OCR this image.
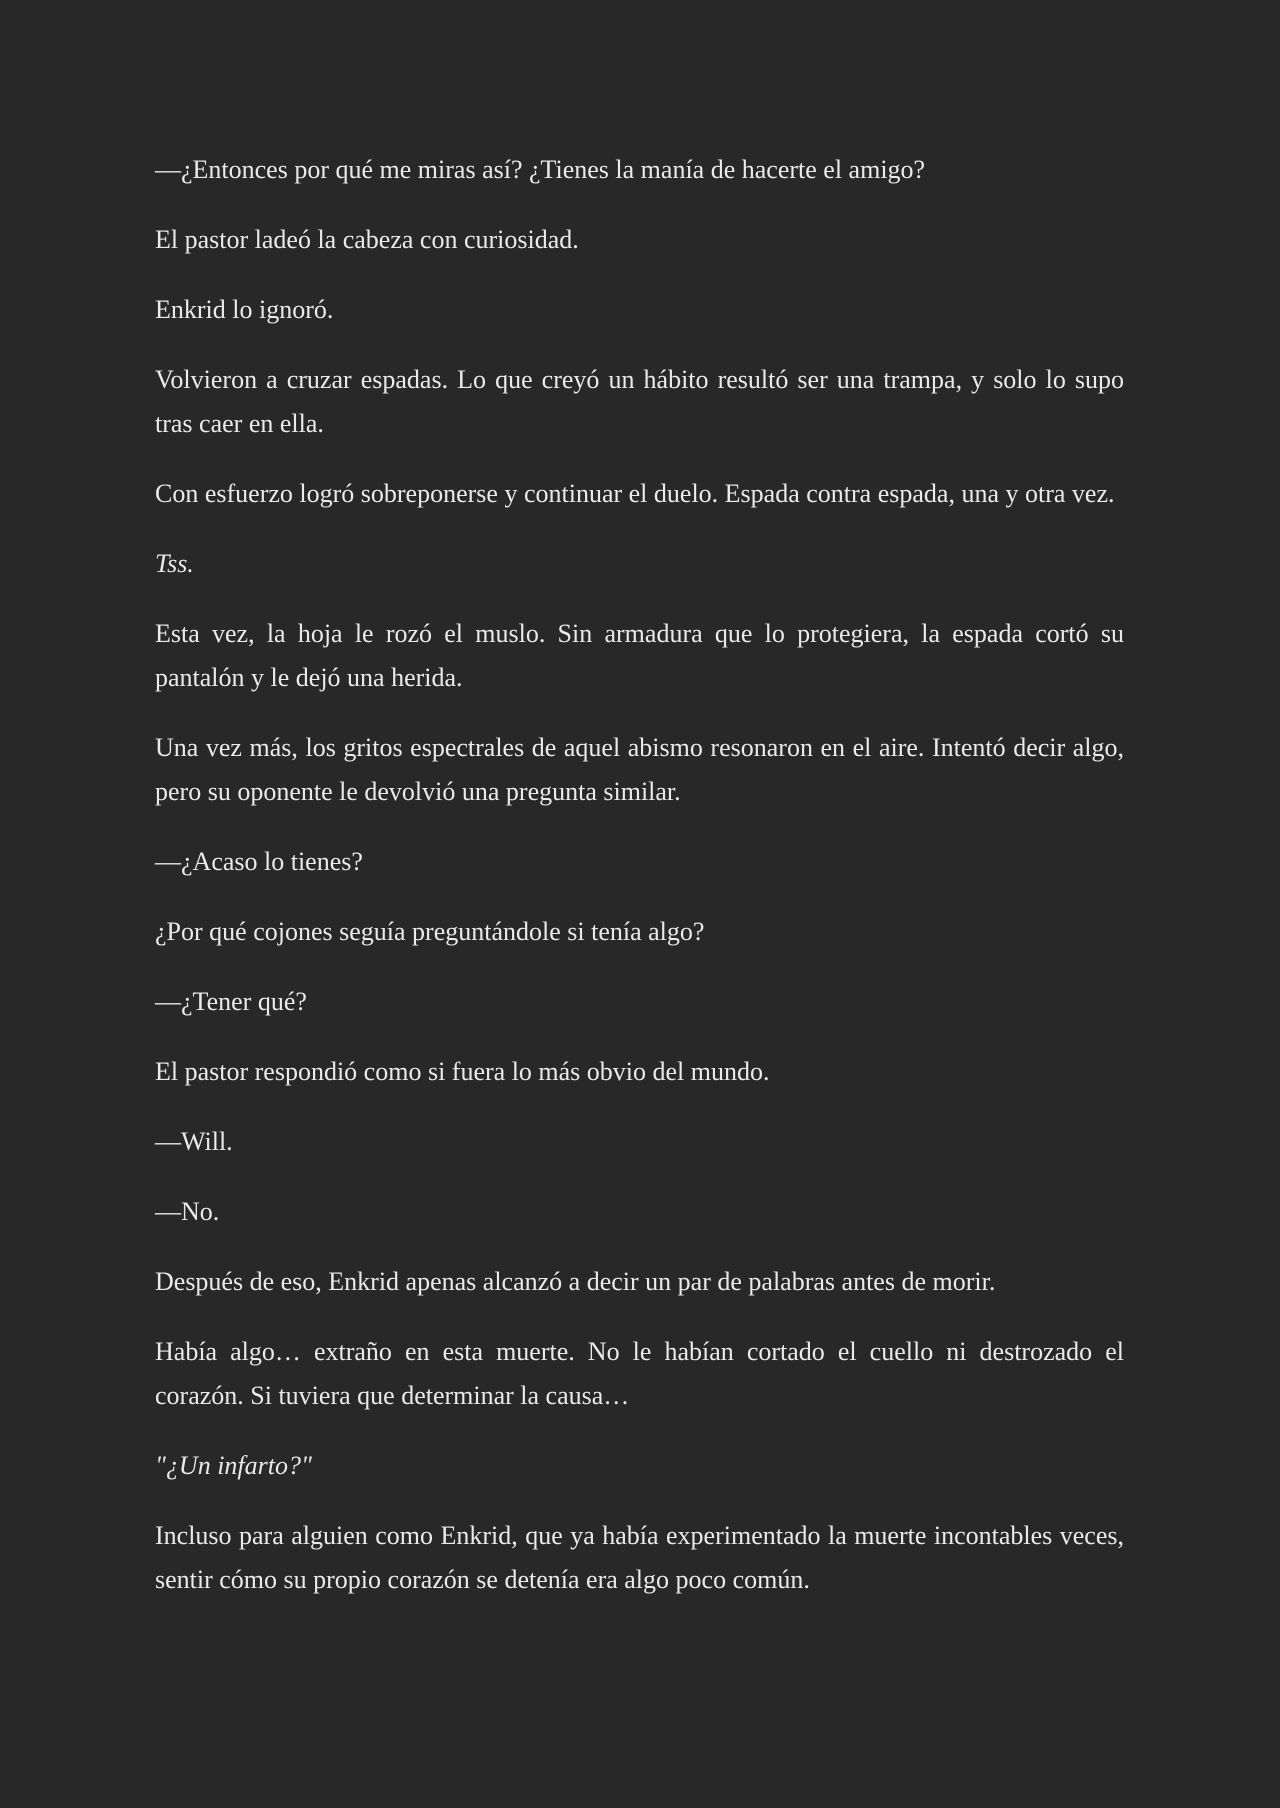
—¿Entonces por qué me miras así? ¿Tienes la manía de hacerte el amigo?

El pastor ladeó la cabeza con curiosidad.

Enkrid lo ignoró.

Volvieron a cruzar espadas. Lo que creyó un hábito resultó ser una trampa, y solo lo supo tras caer en ella.

Con esfuerzo logró sobreponerse y continuar el duelo. Espada contra espada, una y otra vez.

Tss.

Esta vez, la hoja le rozó el muslo. Sin armadura que lo protegiera, la espada cortó su pantalón y le dejó una herida.

Una vez más, los gritos espectrales de aquel abismo resonaron en el aire. Intentó decir algo, pero su oponente le devolvió una pregunta similar.

—¿Acaso lo tienes?

¿Por qué cojones seguía preguntándole si tenía algo?

—¿Tener qué?

El pastor respondió como si fuera lo más obvio del mundo.

—Will.

—No.

Después de eso, Enkrid apenas alcanzó a decir un par de palabras antes de morir.

Había algo… extraño en esta muerte. No le habían cortado el cuello ni destrozado el corazón. Si tuviera que determinar la causa…

"¿Un infarto?"

Incluso para alguien como Enkrid, que ya había experimentado la muerte incontables veces, sentir cómo su propio corazón se detenía era algo poco común.
